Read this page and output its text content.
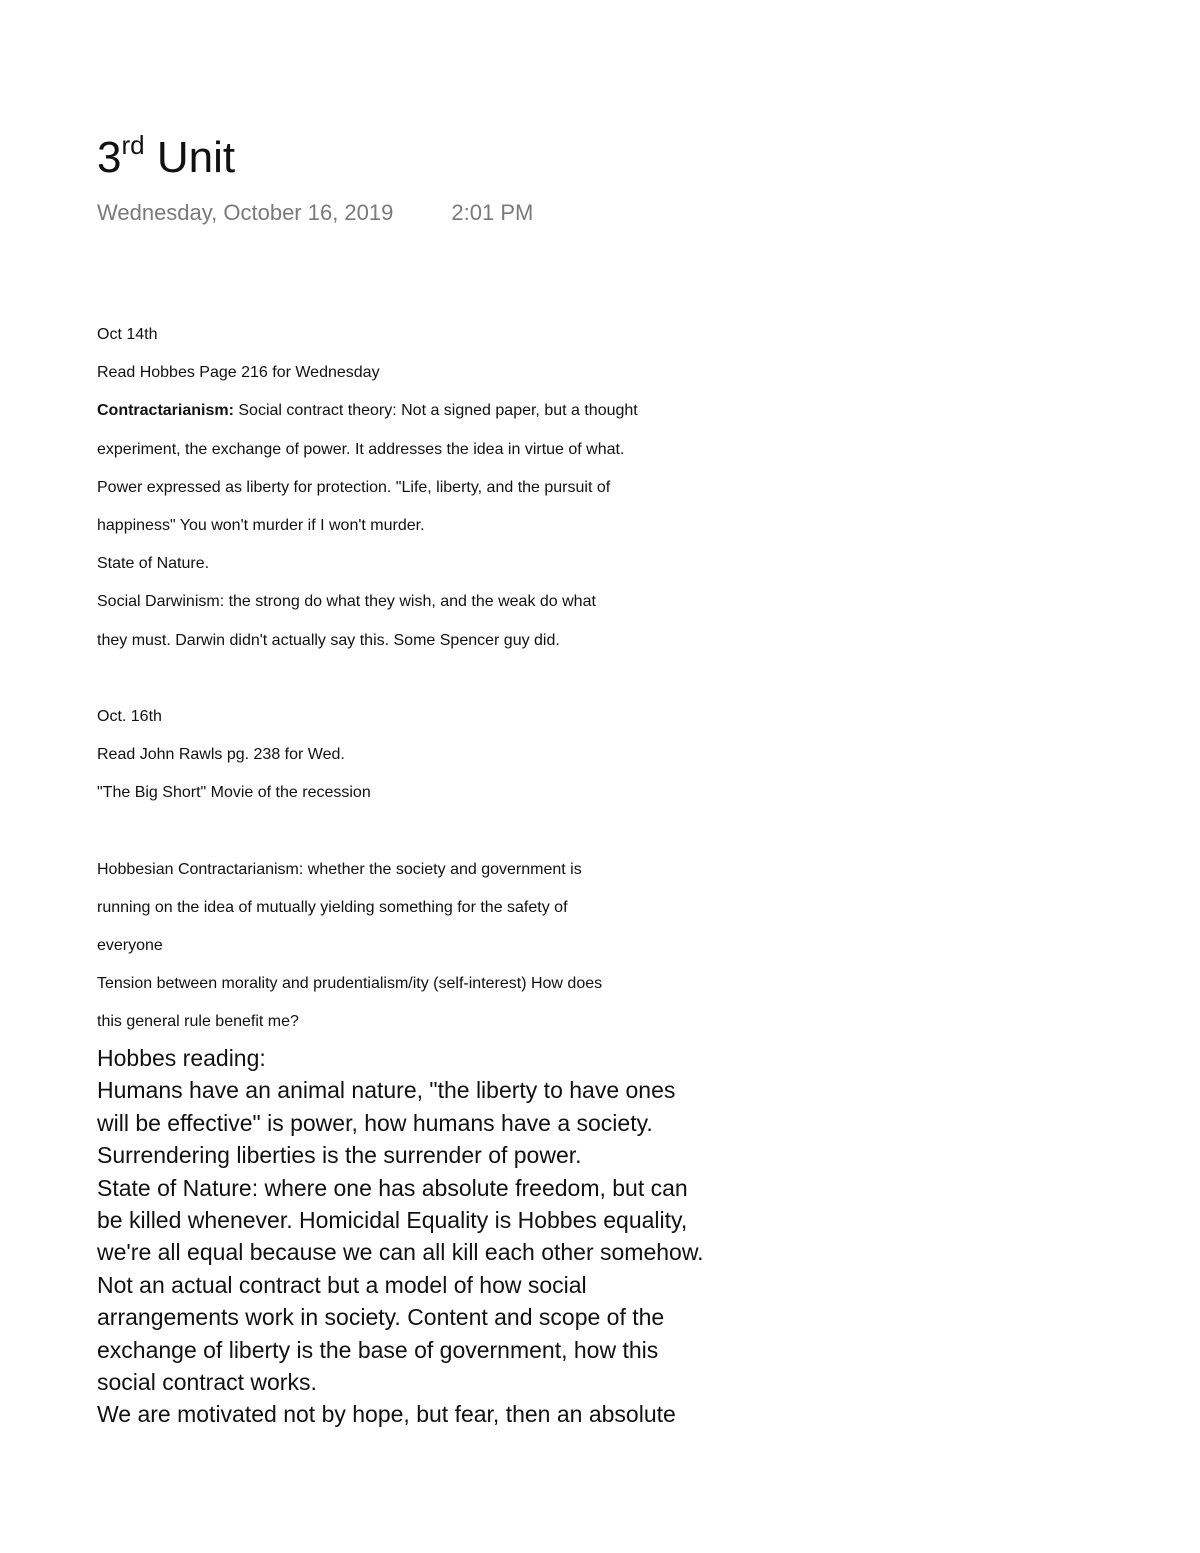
3rd Unit
Wednesday, October 16, 2019	2:01 PM
Oct 14th
Read Hobbes Page 216 for Wednesday
Contractarianism: Social contract theory: Not a signed paper, but a thought
experiment, the exchange of power. It addresses the idea in virtue of what.
Power expressed as liberty for protection. "Life, liberty, and the pursuit of
happiness" You won't murder if I won't murder.
State of Nature.
Social Darwinism: the strong do what they wish, and the weak do what
they must. Darwin didn't actually say this. Some Spencer guy did.
Oct. 16th
Read John Rawls pg. 238 for Wed.
"The Big Short" Movie of the recession
Hobbesian Contractarianism: whether the society and government is
running on the idea of mutually yielding something for the safety of
everyone
Tension between morality and prudentialism/ity (self-interest) How does
this general rule benefit me?
Hobbes reading:
Humans have an animal nature, "the liberty to have ones
will be effective" is power, how humans have a society.
Surrendering liberties is the surrender of power.
State of Nature: where one has absolute freedom, but can
be killed whenever. Homicidal Equality is Hobbes equality,
we're all equal because we can all kill each other somehow.
Not an actual contract but a model of how social
arrangements work in society. Content and scope of the
exchange of liberty is the base of government, how this
social contract works.
We are motivated not by hope, but fear, then an absolute
